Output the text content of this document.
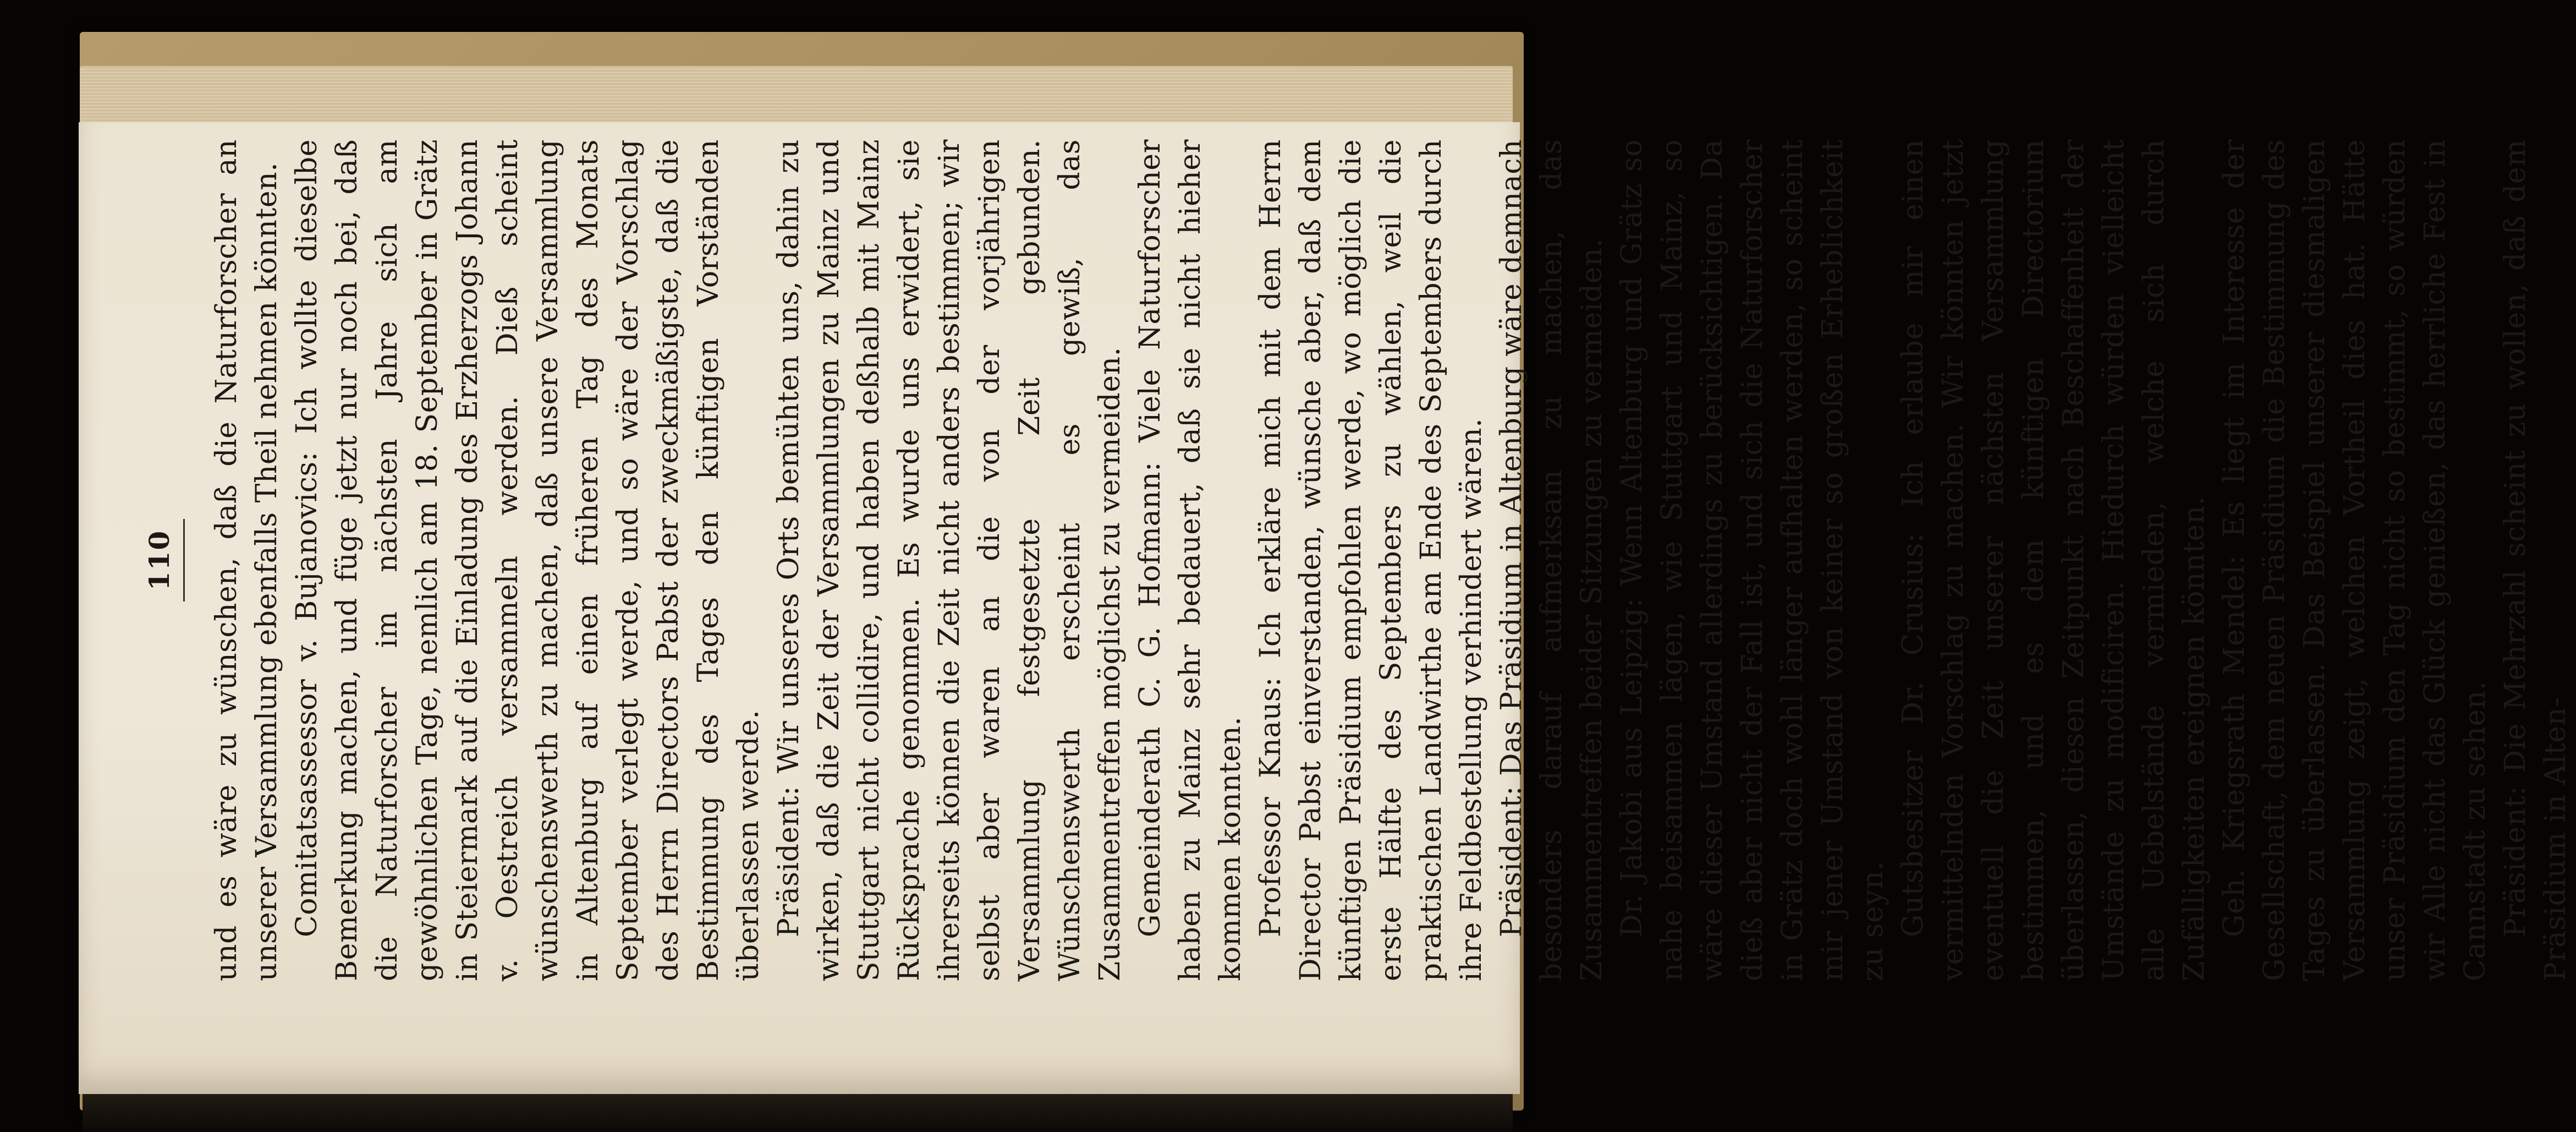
110 und es wäre zu wünschen, daß die Naturforscher an unserer Versammlung ebenfalls Theil nehmen könnten. Comitatsassessor v. Bujanovics: Ich wollte dieselbe Bemerkung machen, und füge jetzt nur noch bei, daß die Naturforscher im nächsten Jahre sich am gewöhnlichen Tage, nemlich am 18. September in Grätz in Steiermark auf die Einladung des Erzherzogs Johann v. Oestreich versammeln werden. Dieß scheint wünschenswerth zu machen, daß unsere Versammlung in Altenburg auf einen früheren Tag des Monats September verlegt werde, und so wäre der Vorschlag des Herrn Directors Pabst der zweckmäßigste, daß die Bestimmung des Tages den künftigen Vorständen überlassen werde. Präsident: Wir unseres Orts bemühten uns, dahin zu wirken, daß die Zeit der Versammlungen zu Mainz und Stuttgart nicht collidire, und haben deßhalb mit Mainz Rücksprache genommen. Es wurde uns erwidert, sie ihrerseits können die Zeit nicht anders bestimmen; wir selbst aber waren an die von der vorjährigen Versammlung festgesetzte Zeit gebunden. Wünschenswerth erscheint es gewiß, das Zusammentreffen möglichst zu vermeiden. Gemeinderath C. G. Hofmann: Viele Naturforscher haben zu Mainz sehr bedauert, daß sie nicht hieher kommen konnten. Professor Knaus: Ich erkläre mich mit dem Herrn Director Pabst einverstanden, wünsche aber, daß dem künftigen Präsidium empfohlen werde, wo möglich die erste Hälfte des Septembers zu wählen, weil die praktischen Landwirthe am Ende des Septembers durch ihre Feldbestellung verhindert wären. Präsident: Das Präsidium in Altenburg wäre demnach besonders darauf aufmerksam zu machen, das Zusammentreffen beider Sitzungen zu vermeiden. Dr. Jakobi aus Leipzig: Wenn Altenburg und Grätz so nahe beisammen lägen, wie Stuttgart und Mainz, so wäre dieser Umstand allerdings zu berücksichtigen. Da dieß aber nicht der Fall ist, und sich die Naturforscher in Grätz doch wohl länger aufhalten werden, so scheint mir jener Umstand von keiner so großen Erheblichkeit zu seyn. Gutsbesitzer Dr. Crusius: Ich erlaube mir einen vermittelnden Vorschlag zu machen. Wir könnten jetzt eventuell die Zeit unserer nächsten Versammlung bestimmen, und es dem künftigen Directorium überlassen, diesen Zeitpunkt nach Beschaffenheit der Umstände zu modificiren. Hiedurch würden vielleicht alle Uebelstände vermieden, welche sich durch Zufälligkeiten ereignen könnten. Geh. Kriegsrath Mendel: Es liegt im Interesse der Gesellschaft, dem neuen Präsidium die Bestimmung des Tages zu überlassen. Das Beispiel unserer diesmaligen Versammlung zeigt, welchen Vortheil dies hat. Hätte unser Präsidium den Tag nicht so bestimmt, so würden wir Alle nicht das Glück genießen, das herrliche Fest in Cannstadt zu sehen. Präsident: Die Mehrzahl scheint zu wollen, daß dem Präsidium in Alten-
